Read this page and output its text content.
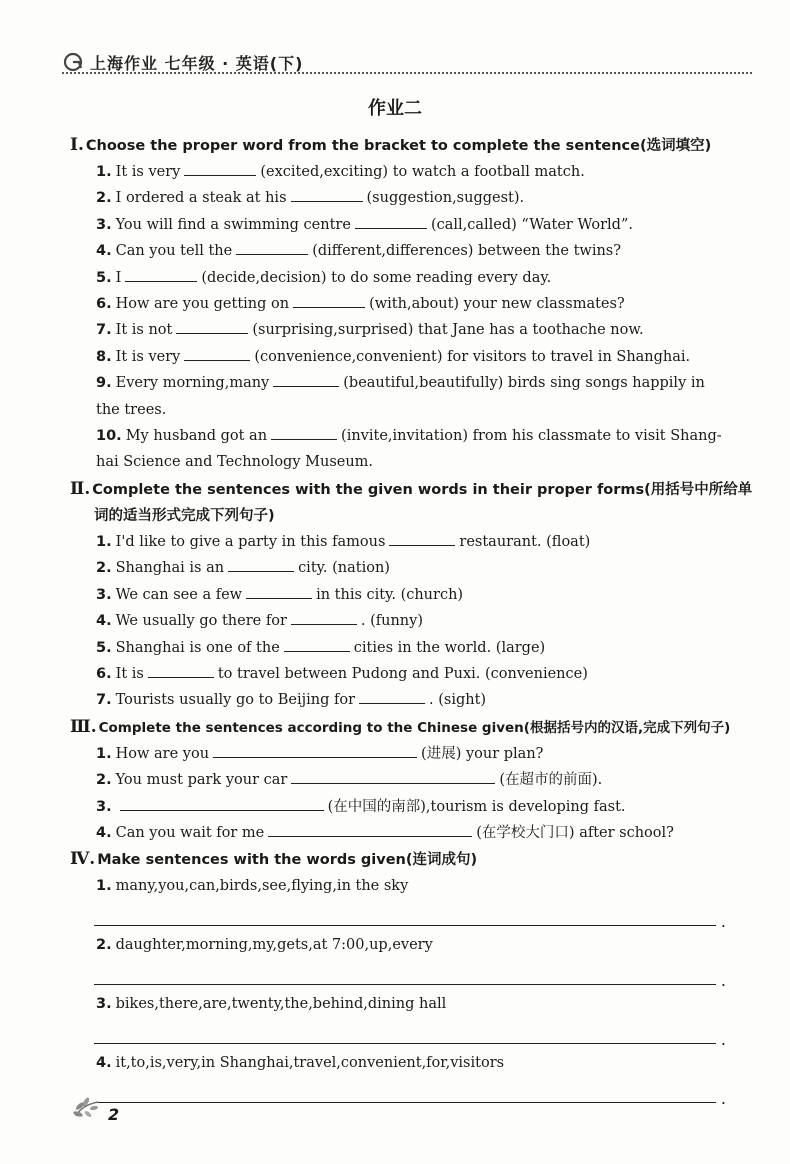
上海作业 七年级 · 英语(下)
作业二

Ⅰ. Choose the proper word from the bracket to complete the sentence(选词填空)

1. It is very	(excited,exciting) to watch a football match.
2. I ordered a steak at his	(suggestion,suggest).
3. You will find a swimming centre	(call,called) “Water World”.
4. Can you tell the	(different,differences) between the twins?
5. I	(decide,decision) to do some reading every day.
6. How are you getting on	(with,about) your new classmates?
7. It is not	(surprising,surprised) that Jane has a toothache now.
8. It is very	(convenience,convenient) for visitors to travel in Shanghai.
9. Every morning,many	(beautiful,beautifully) birds sing songs happily in
the trees.
10. My husband got an	(invite,invitation) from his classmate to visit Shang-
hai Science and Technology Museum.

Ⅱ. Complete the sentences with the given words in their proper forms(用括号中所给单
词的适当形式完成下列句子)

1. I'd like to give a party in this famous	restaurant. (float)
2. Shanghai is an	city. (nation)
3. We can see a few	in this city. (church)
4. We usually go there for	. (funny)
5. Shanghai is one of the	cities in the world. (large)
6. It is	to travel between Pudong and Puxi. (convenience)
7. Tourists usually go to Beijing for	. (sight)

Ⅲ. Complete the sentences according to the Chinese given(根据括号内的汉语,完成下列句子)

1. How are you	(进展) your plan?
2. You must park your car	(在超市的前面).
3.	(在中国的南部),tourism is developing fast.
4. Can you wait for me	(在学校大门口) after school?

Ⅳ. Make sentences with the words given(连词成句)

1. many,you,can,birds,see,flying,in the sky
.
2. daughter,morning,my,gets,at 7:00,up,every
.
3. bikes,there,are,twenty,the,behind,dining hall
.
4. it,to,is,very,in Shanghai,travel,convenient,for,visitors
.
2
